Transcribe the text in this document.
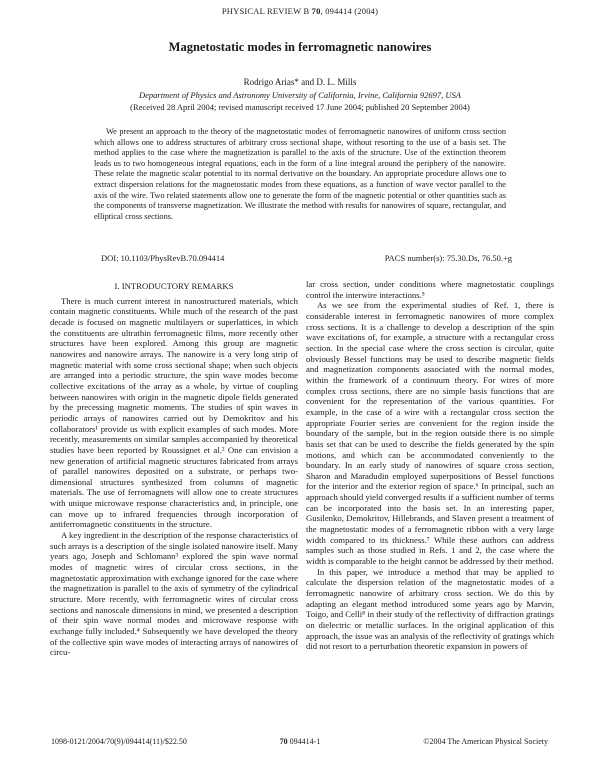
PHYSICAL REVIEW B 70, 094414 (2004)
Magnetostatic modes in ferromagnetic nanowires
Rodrigo Arias* and D. L. Mills
Department of Physics and Astronomy University of California, Irvine, California 92697, USA
(Received 28 April 2004; revised manuscript received 17 June 2004; published 20 September 2004)

We present an approach to the theory of the magnetostatic modes of ferromagnetic nanowires of uniform cross section which allows one to address structures of arbitrary cross sectional shape, without resorting to the use of a basis set. The method applies to the case where the magnetization is parallel to the axis of the structure. Use of the extinction theorem leads us to two homogeneous integral equations, each in the form of a line integral around the periphery of the nanowire. These relate the magnetic scalar potential to its normal derivative on the boundary. An appropriate procedure allows one to extract dispersion relations for the magnetostatic modes from these equations, as a function of wave vector parallel to the axis of the wire. Two related statements allow one to generate the form of the magnetic potential or other quantities such as the components of transverse magnetization. We illustrate the method with results for nanowires of square, rectangular, and elliptical cross sections.

DOI: 10.1103/PhysRevB.70.094414	PACS number(s): 75.30.Ds, 76.50.+g
I. INTRODUCTORY REMARKS

There is much current interest in nanostructured materials, which contain magnetic constituents. While much of the research of the past decade is focused on magnetic multilayers or superlattices, in which the constituents are ultrathin ferromagnetic films, more recently other structures have been explored. Among this group are magnetic nanowires and nanowire arrays. The nanowire is a very long strip of magnetic material with some cross sectional shape; when such objects are arranged into a periodic structure, the spin wave modes become collective excitations of the array as a whole, by virtue of coupling between nanowires with origin in the magnetic dipole fields generated by the precessing magnetic moments. The studies of spin waves in periodic arrays of nanowires carried out by Demokritov and his collaborators¹ provide us with explicit examples of such modes. More recently, measurements on similar samples accompanied by theoretical studies have been reported by Roussignet et al.² One can envision a new generation of artificial magnetic structures fabricated from arrays of parallel nanowires deposited on a substrate, or perhaps two-dimensional structures synthesized from columns of magnetic materials. The use of ferromagnets will allow one to create structures with unique microwave response characteristics and, in principle, one can move up to infrared frequencies through incorporation of antiferromagnetic constituents in the structure.

A key ingredient in the description of the response characteristics of such arrays is a description of the single isolated nanowire itself. Many years ago, Joseph and Schlomann³ explored the spin wave normal modes of magnetic wires of circular cross sections, in the magnetostatic approximation with exchange ignored for the case where the magnetization is parallel to the axis of symmetry of the cylindrical structure. More recently, with ferromagnetic wires of circular cross sections and nanoscale dimensions in mind, we presented a description of their spin wave normal modes and microwave response with exchange fully included.⁴ Subsequently we have developed the theory of the collective spin wave modes of interacting arrays of nanowires of circu-

lar cross section, under conditions where magnetostatic couplings control the interwire interactions.⁵

As we see from the experimental studies of Ref. 1, there is considerable interest in ferromagnetic nanowires of more complex cross sections. It is a challenge to develop a description of the spin wave excitations of, for example, a structure with a rectangular cross section. In the special case where the cross section is circular, quite obviously Bessel functions may be used to describe magnetic fields and magnetization components associated with the normal modes, within the framework of a continuum theory. For wires of more complex cross sections, there are no simple basis functions that are convenient for the representation of the various quantities. For example, in the case of a wire with a rectangular cross section the appropriate Fourier series are convenient for the region inside the boundary of the sample, but in the region outside there is no simple basis set that can be used to describe the fields generated by the spin motions, and which can be accommodated conveniently to the boundary. In an early study of nanowires of square cross section, Sharon and Maradudin employed superpositions of Bessel functions for the interior and the exterior region of space.⁶ In principal, such an approach should yield converged results if a sufficient number of terms can be incorporated into the basis set. In an interesting paper, Gusilenko, Demokritov, Hillebrands, and Slaven present a treatment of the magnetostatic modes of a ferromagnetic ribbon with a very large width compared to its thickness.⁷ While these authors can address samples such as those studied in Refs. 1 and 2, the case where the width is comparable to the height cannot be addressed by their method.

In this paper, we introduce a method that may be applied to calculate the dispersion relation of the magnetostatic modes of a ferromagnetic nanowire of arbitrary cross section. We do this by adapting an elegant method introduced some years ago by Marvin, Toigo, and Celli⁸ in their study of the reflectivity of diffraction gratings on dielectric or metallic surfaces. In the original application of this approach, the issue was an analysis of the reflectivity of gratings which did not resort to a perturbation theoretic expansion in powers of

1098-0121/2004/70(9)/094414(11)/$22.50	70 094414-1	©2004 The American Physical Society
